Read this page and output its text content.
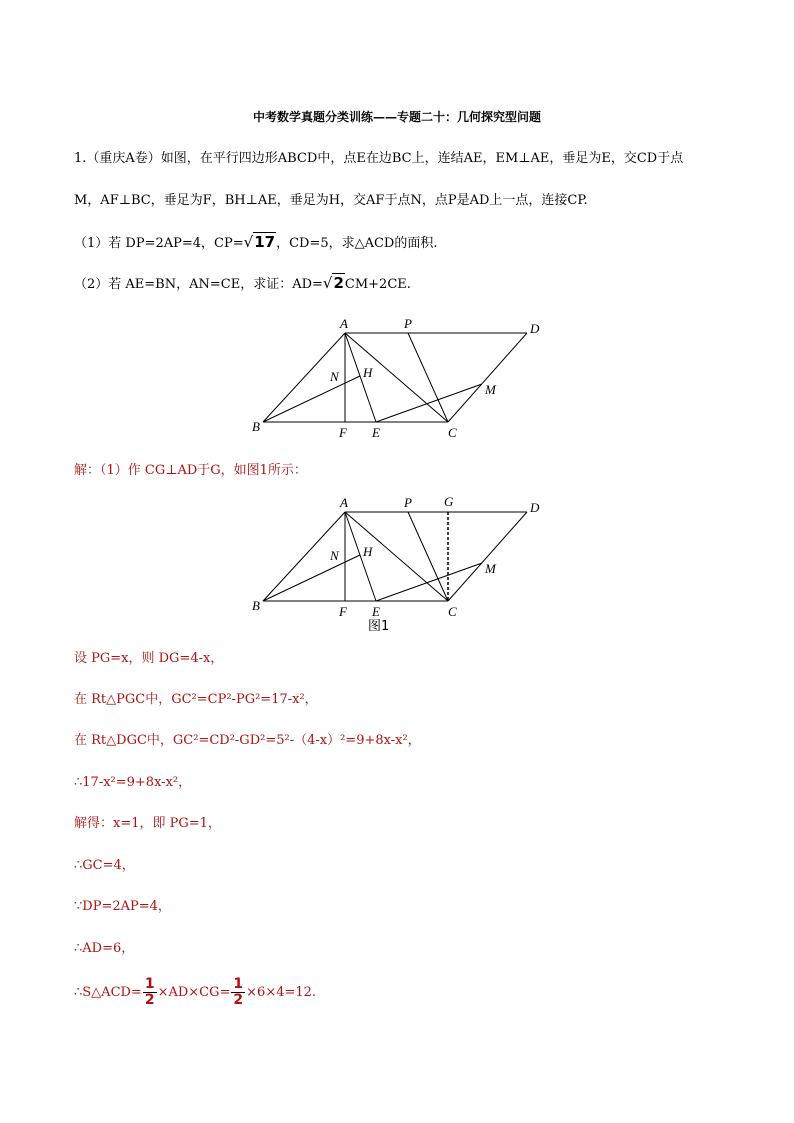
中考数学真题分类训练——专题二十：几何探究型问题
1.（重庆A卷）如图，在平行四边形ABCD中，点E在边BC上，连结AE，EM⊥AE，垂足为E，交CD于点
M，AF⊥BC，垂足为F，BH⊥AE，垂足为H，交AF于点N，点P是AD上一点，连接CP.
（1）若 DP=2AP=4，CP=√17，CD=5，求△ACD的面积.
（2）若 AE=BN，AN=CE，求证：AD=√2CM+2CE.
A	P	D
N H
M
B	F E	C
解：（1）作 CG⊥AD于G，如图1所示：
A	P G	D
N H
M
B	F E	C
图1
设 PG=x，则 DG=4-x，
在 Rt△PGC中，GC²=CP²-PG²=17-x²，
在 Rt△DGC中，GC²=CD²-GD²=5²-（4-x）²=9+8x-x²，
∴17-x²=9+8x-x²，
解得：x=1，即 PG=1，
∴GC=4，
∵DP=2AP=4，
∴AD=6，
∴S△ACD= $\frac{1}{2} \times AD\times CG= \frac{1}{2} \times 6\times 4=12$.
